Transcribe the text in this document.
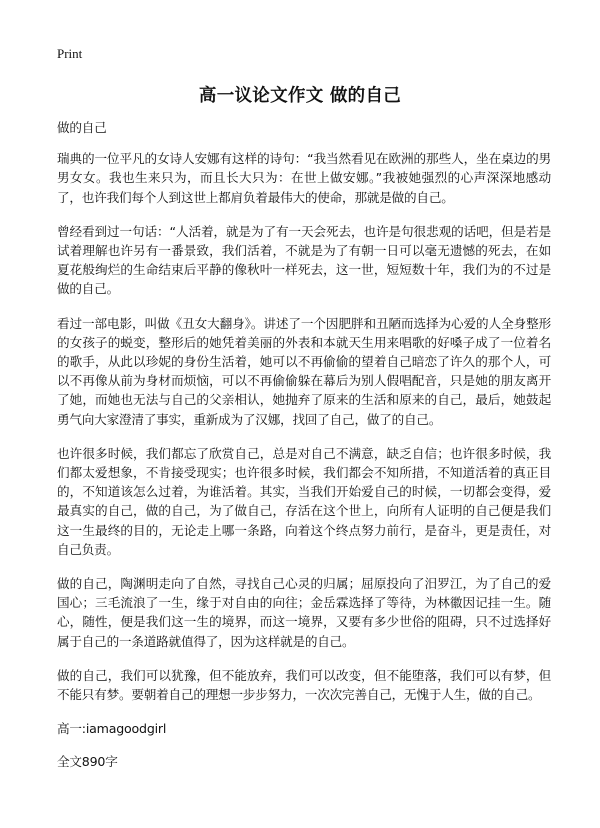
Print
高一议论文作文 做的自己

做的自己

瑞典的一位平凡的女诗人安娜有这样的诗句：“我当然看见在欧洲的那些人，坐在桌边的男男女女。我也生来只为，而且长大只为：在世上做安娜。”我被她强烈的心声深深地感动了，也许我们每个人到这世上都肩负着最伟大的使命，那就是做的自己。

曾经看到过一句话：“人活着，就是为了有一天会死去，也许是句很悲观的话吧，但是若是试着理解也许另有一番景致，我们活着，不就是为了有朝一日可以毫无遗憾的死去，在如夏花般绚烂的生命结束后平静的像秋叶一样死去，这一世，短短数十年，我们为的不过是做的自己。

看过一部电影，叫做《丑女大翻身》。讲述了一个因肥胖和丑陋而选择为心爱的人全身整形的女孩子的蜕变，整形后的她凭着美丽的外表和本就天生用来唱歌的好嗓子成了一位着名的歌手，从此以珍妮的身份生活着，她可以不再偷偷的望着自己暗恋了许久的那个人，可以不再像从前为身材而烦恼，可以不再偷偷躲在幕后为别人假唱配音，只是她的朋友离开了她，而她也无法与自己的父亲相认，她抛弃了原来的生活和原来的自己，最后，她鼓起勇气向大家澄清了事实，重新成为了汉娜，找回了自己，做了的自己。

也许很多时候，我们都忘了欣赏自己，总是对自己不满意，缺乏自信；也许很多时候，我们都太爱想象，不肯接受现实；也许很多时候，我们都会不知所措，不知道活着的真正目的，不知道该怎么过着，为谁活着。其实，当我们开始爱自己的时候，一切都会变得，爱最真实的自己，做的自己，为了做自己，存活在这个世上，向所有人证明的自己便是我们这一生最终的目的，无论走上哪一条路，向着这个终点努力前行，是奋斗，更是责任，对自己负责。

做的自己，陶渊明走向了自然，寻找自己心灵的归属；屈原投向了汨罗江，为了自己的爱国心；三毛流浪了一生，缘于对自由的向往；金岳霖选择了等待，为林徽因记挂一生。随心，随性，便是我们这一生的境界，而这一境界，又要有多少世俗的阻碍，只不过选择好属于自己的一条道路就值得了，因为这样就是的自己。

做的自己，我们可以犹豫，但不能放弃，我们可以改变，但不能堕落，我们可以有梦，但不能只有梦。要朝着自己的理想一步步努力，一次次完善自己，无愧于人生，做的自己。

高一:iamagoodgirl

全文890字
